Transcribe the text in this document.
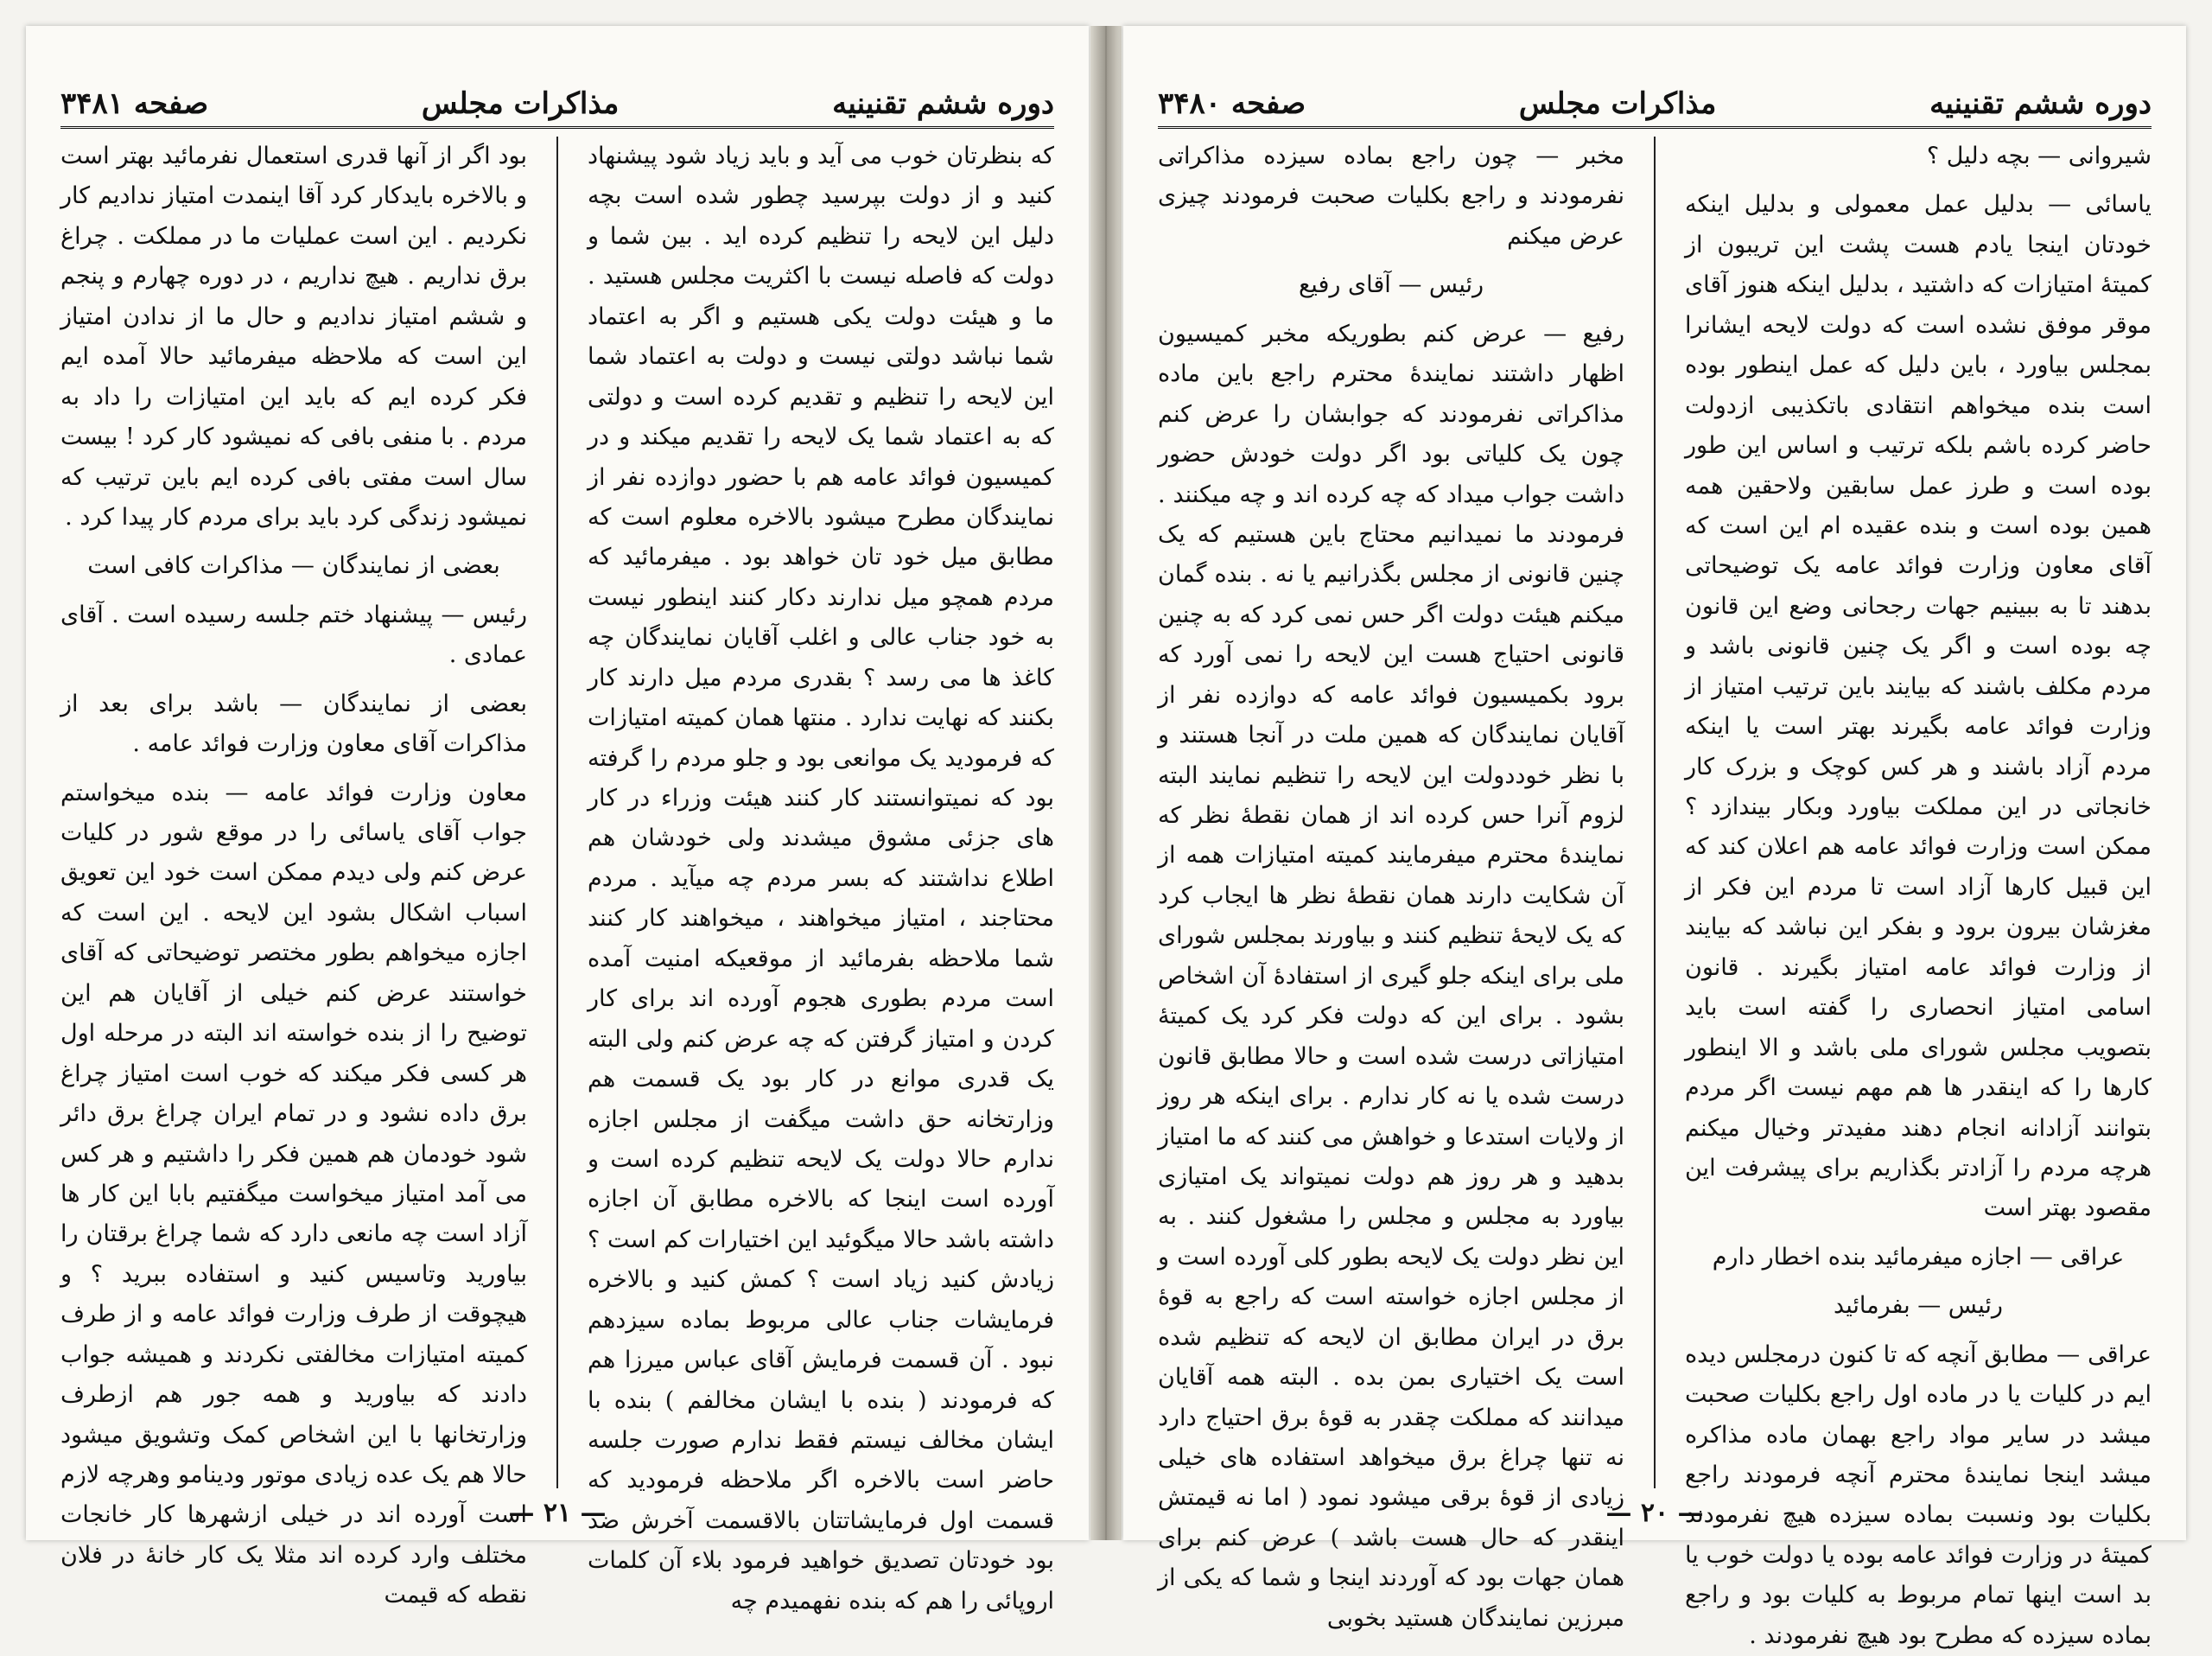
دوره ششم تقنینیه
مذاکرات مجلس
صفحه ۳۴۸۱

که بنظرتان خوب می آید و باید زیاد شود پیشنهاد کنید و از دولت بپرسید چطور شده است بچه دلیل این لایحه را تنظیم کرده اید . بین شما و دولت که فاصله نیست با اکثریت مجلس هستید . ما و هیئت دولت یکی هستیم و اگر به اعتماد شما نباشد دولتی نیست و دولت به اعتماد شما این لایحه را تنظیم و تقدیم کرده است و دولتی که به اعتماد شما یک لایحه را تقدیم میکند و در کمیسیون فوائد عامه هم با حضور دوازده نفر از نمایندگان مطرح میشود بالاخره معلوم است که مطابق میل خود تان خواهد بود . میفرمائید که مردم همچو میل ندارند دکار کنند اینطور نیست به خود جناب عالی و اغلب آقایان نمایندگان چه کاغذ ها می رسد ؟ بقدری مردم میل دارند کار بکنند که نهایت ندارد . منتها همان کمیته امتیازات که فرمودید یک موانعی بود و جلو مردم را گرفته بود که نمیتوانستند کار کنند هیئت وزراء در کار های جزئی مشوق میشدند ولی خودشان هم اطلاع نداشتند که بسر مردم چه میآید . مردم محتاجند ، امتیاز میخواهند ، میخواهند کار کنند شما ملاحظه بفرمائید از موقعیکه امنیت آمده است مردم بطوری هجوم آورده اند برای کار کردن و امتیاز گرفتن که چه عرض کنم ولی البته یک قدری موانع در کار بود یک قسمت هم وزارتخانه حق داشت میگفت از مجلس اجازه ندارم حالا دولت یک لایحه تنظیم کرده است و آورده است اینجا که بالاخره مطابق آن اجازه داشته باشد حالا میگوئید این اختیارات کم است ؟ زیادش کنید زیاد است ؟ کمش کنید و بالاخره فرمایشات جناب عالی مربوط بماده سیزدهم نبود . آن قسمت فرمایش آقای عباس میرزا هم که فرمودند ( بنده با ایشان مخالفم ) بنده با ایشان مخالف نیستم فقط ندارم صورت جلسه حاضر است بالاخره اگر ملاحظه فرمودید که قسمت اول فرمایشاتتان بالاقسمت آخرش ضد بود خودتان تصدیق خواهید فرمود بلاء آن کلمات اروپائی را هم که بنده نفهمیدم چه

بود اگر از آنها قدری استعمال نفرمائید بهتر است و بالاخره بایدکار کرد آقا اینمدت امتیاز ندادیم کار نکردیم . این است عملیات ما در مملکت . چراغ برق نداریم . هیچ نداریم ، در دوره چهارم و پنجم و ششم امتیاز ندادیم و حال ما از ندادن امتیاز این است که ملاحظه میفرمائید حالا آمده ایم فکر کرده ایم که باید این امتیازات را داد به مردم . با منفی بافی که نمیشود کار کرد ! بیست سال است مفتی بافی کرده ایم باین ترتیب که نمیشود زندگی کرد باید برای مردم کار پیدا کرد .

بعضی از نمایندگان — مذاکرات کافی است

رئیس — پیشنهاد ختم جلسه رسیده است . آقای عمادی .

بعضی از نمایندگان — باشد برای بعد از مذاکرات آقای معاون وزارت فوائد عامه .

معاون وزارت فوائد عامه — بنده میخواستم جواب آقای یاسائی را در موقع شور در کلیات عرض کنم ولی دیدم ممکن است خود این تعویق اسباب اشکال بشود این لایحه . این است که اجازه میخواهم بطور مختصر توضیحاتی که آقای خواستند عرض کنم خیلی از آقایان هم این توضیح را از بنده خواسته اند البته در مرحله اول هر کسی فکر میکند که خوب است امتیاز چراغ برق داده نشود و در تمام ایران چراغ برق دائر شود خودمان هم همین فکر را داشتیم و هر کس می آمد امتیاز میخواست میگفتیم بابا این کار ها آزاد است چه مانعی دارد که شما چراغ برقتان را بیاورید وتاسیس کنید و استفاده ببرید ؟ و هیچوقت از طرف وزارت فوائد عامه و از طرف کمیته امتیازات مخالفتی نکردند و همیشه جواب دادند که بیاورید و همه جور هم ازطرف وزارتخانها با این اشخاص کمک وتشویق میشود حالا هم یک عده زیادی موتور ودینامو وهرچه لازم است آورده اند در خیلی ازشهرها کار خانجات مختلف وارد کرده اند مثلا یک کار خانهٔ در فلان نقطه که قیمت

— ۲۱ —
دوره ششم تقنینیه
مذاکرات مجلس
صفحه ۳۴۸۰

شیروانی — بچه دلیل ؟

یاسائی — بدلیل عمل معمولی و بدلیل اینکه خودتان اینجا یادم هست پشت این تریبون از کمیتهٔ امتیازات که داشتید ، بدلیل اینکه هنوز آقای موقر موفق نشده است که دولت لایحه ایشانرا بمجلس بیاورد ، باین دلیل که عمل اینطور بوده است بنده میخواهم انتقادی باتکذیبی ازدولت حاضر کرده باشم بلکه ترتیب و اساس این طور بوده است و طرز عمل سابقین ولاحقین همه همین بوده است و بنده عقیده ام این است که آقای معاون وزارت فوائد عامه یک توضیحاتی بدهند تا به ببینیم جهات رجحانی وضع این قانون چه بوده است و اگر یک چنین قانونی باشد و مردم مکلف باشند که بیایند باین ترتیب امتیاز از وزارت فوائد عامه بگیرند بهتر است یا اینکه مردم آزاد باشند و هر کس کوچک و بزرک کار خانجاتی در این مملکت بیاورد وبکار بیندازد ؟ ممکن است وزارت فوائد عامه هم اعلان کند که این قبیل کارها آزاد است تا مردم این فکر از مغزشان بیرون برود و بفکر این نباشد که بیایند از وزارت فوائد عامه امتیاز بگیرند . قانون اسامی امتیاز انحصاری را گفته است باید بتصویب مجلس شورای ملی باشد و الا اینطور کارها را که اینقدر ها هم مهم نیست اگر مردم بتوانند آزادانه انجام دهند مفیدتر وخیال میکنم هرچه مردم را آزادتر بگذاریم برای پیشرفت این مقصود بهتر است

عراقی — اجازه میفرمائید بنده اخطار دارم

رئیس — بفرمائید

عراقی — مطابق آنچه که تا کنون درمجلس دیده ایم در کلیات یا در ماده اول راجع بکلیات صحبت میشد در سایر مواد راجع بهمان ماده مذاکره میشد اینجا نمایندهٔ محترم آنچه فرمودند راجع بکلیات بود ونسبت بماده سیزده هیچ نفرمودند کمیتهٔ در وزارت فوائد عامه بوده یا دولت خوب یا بد است اینها تمام مربوط به کلیات بود و راجع بماده سیزده که مطرح بود هیچ نفرمودند .

مخبر — چون راجع بماده سیزده مذاکراتی نفرمودند و راجع بکلیات صحبت فرمودند چیزی عرض میکنم

رئیس — آقای رفیع

رفیع — عرض کنم بطوریکه مخبر کمیسیون اظهار داشتند نمایندهٔ محترم راجع باین ماده مذاکراتی نفرمودند که جوابشان را عرض کنم چون یک کلیاتی بود اگر دولت خودش حضور داشت جواب میداد که چه کرده اند و چه میکنند . فرمودند ما نمیدانیم محتاج باین هستیم که یک چنین قانونی از مجلس بگذرانیم یا نه . بنده گمان میکنم هیئت دولت اگر حس نمی کرد که به چنین قانونی احتیاج هست این لایحه را نمی آورد که برود بکمیسیون فوائد عامه که دوازده نفر از آقایان نمایندگان که همین ملت در آنجا هستند و با نظر خوددولت این لایحه را تنظیم نمایند البته لزوم آنرا حس کرده اند از همان نقطهٔ نظر که نمایندهٔ محترم میفرمایند کمیته امتیازات همه از آن شکایت دارند همان نقطهٔ نظر ها ایجاب کرد که یک لایحهٔ تنظیم کنند و بیاورند بمجلس شورای ملی برای اینکه جلو گیری از استفادهٔ آن اشخاص بشود . برای این که دولت فکر کرد یک کمیتهٔ امتیازاتی درست شده است و حالا مطابق قانون درست شده یا نه کار ندارم . برای اینکه هر روز از ولایات استدعا و خواهش می کنند که ما امتیاز بدهید و هر روز هم دولت نمیتواند یک امتیازی بیاورد به مجلس و مجلس را مشغول کنند . به این نظر دولت یک لایحه بطور کلی آورده است و از مجلس اجازه خواسته است که راجع به قوهٔ برق در ایران مطابق ان لایحه که تنظیم شده است یک اختیاری بمن بده . البته همه آقایان میدانند که مملکت چقدر به قوهٔ برق احتیاج دارد نه تنها چراغ برق میخواهد استفاده های خیلی زیادی از قوهٔ برقی میشود نمود ( اما نه قیمتش اینقدر که حال هست باشد ) عرض کنم برای همان جهات بود که آوردند اینجا و شما که یکی از مبرزین نمایندگان هستید بخوبی

— ۲۰ —
